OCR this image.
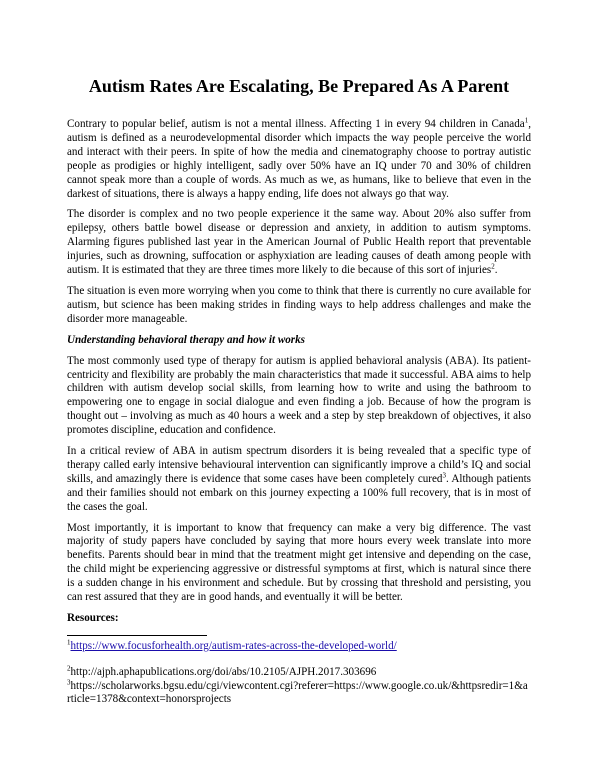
Autism Rates Are Escalating, Be Prepared As A Parent

Contrary to popular belief, autism is not a mental illness. Affecting 1 in every 94 children in Canada$^1$, autism is defined as a neurodevelopmental disorder which impacts the way people perceive the world and interact with their peers. In spite of how the media and cinematography choose to portray autistic people as prodigies or highly intelligent, sadly over 50% have an IQ under 70 and 30% of children cannot speak more than a couple of words. As much as we, as humans, like to believe that even in the darkest of situations, there is always a happy ending, life does not always go that way.

The disorder is complex and no two people experience it the same way. About 20% also suffer from epilepsy, others battle bowel disease or depression and anxiety, in addition to autism symptoms. Alarming figures published last year in the American Journal of Public Health report that preventable injuries, such as drowning, suffocation or asphyxiation are leading causes of death among people with autism. It is estimated that they are three times more likely to die because of this sort of injuries$^2$.

The situation is even more worrying when you come to think that there is currently no cure available for autism, but science has been making strides in finding ways to help address challenges and make the disorder more manageable.

Understanding behavioral therapy and how it works

The most commonly used type of therapy for autism is applied behavioral analysis (ABA). Its patient-centricity and flexibility are probably the main characteristics that made it successful. ABA aims to help children with autism develop social skills, from learning how to write and using the bathroom to empowering one to engage in social dialogue and even finding a job. Because of how the program is thought out – involving as much as 40 hours a week and a step by step breakdown of objectives, it also promotes discipline, education and confidence.

In a critical review of ABA in autism spectrum disorders it is being revealed that a specific type of therapy called early intensive behavioural intervention can significantly improve a child’s IQ and social skills, and amazingly there is evidence that some cases have been completely cured$^3$. Although patients and their families should not embark on this journey expecting a 100% full recovery, that is in most of the cases the goal.

Most importantly, it is important to know that frequency can make a very big difference. The vast majority of study papers have concluded by saying that more hours every week translate into more benefits. Parents should bear in mind that the treatment might get intensive and depending on the case, the child might be experiencing aggressive or distressful symptoms at first, which is natural since there is a sudden change in his environment and schedule. But by crossing that threshold and persisting, you can rest assured that they are in good hands, and eventually it will be better.

Resources:

$^1$https://www.focusforhealth.org/autism-rates-across-the-developed-world/

$^2$http://ajph.aphapublications.org/doi/abs/10.2105/AJPH.2017.303696

$^3$https://scholarworks.bgsu.edu/cgi/viewcontent.cgi?referer=https://www.google.co.uk/&httpsredir=1&article=1378&context=honorsprojects
